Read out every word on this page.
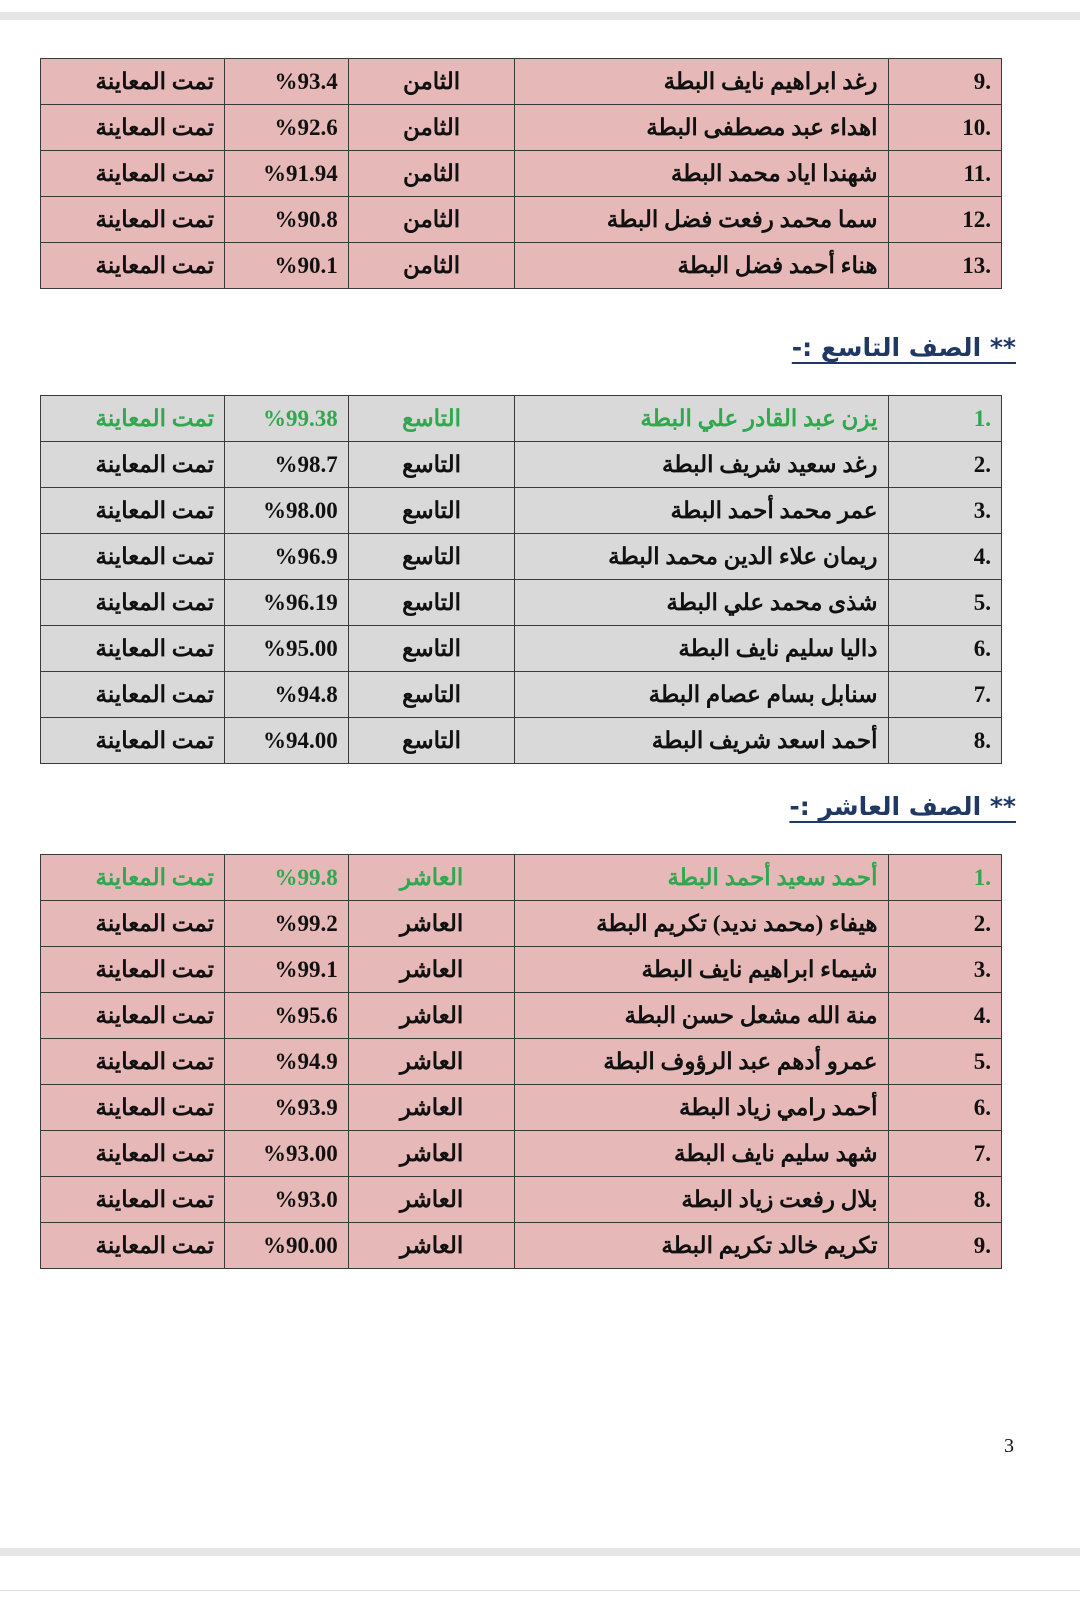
9.	رغد ابراهيم نايف البطة	الثامن	%93.4	تمت المعاينة
10.	اهداء عبد مصطفى البطة	الثامن	%92.6	تمت المعاينة
11.	شهندا اياد محمد البطة	الثامن	%91.94	تمت المعاينة
12.	سما محمد رفعت فضل البطة	الثامن	%90.8	تمت المعاينة
13.	هناء أحمد فضل البطة	الثامن	%90.1	تمت المعاينة
** الصف التاسع :-
1.	يزن عبد القادر علي البطة	التاسع	%99.38	تمت المعاينة
2.	رغد سعيد شريف البطة	التاسع	%98.7	تمت المعاينة
3.	عمر محمد أحمد البطة	التاسع	%98.00	تمت المعاينة
4.	ريمان علاء الدين محمد البطة	التاسع	%96.9	تمت المعاينة
5.	شذى محمد علي البطة	التاسع	%96.19	تمت المعاينة
6.	داليا سليم نايف البطة	التاسع	%95.00	تمت المعاينة
7.	سنابل بسام عصام البطة	التاسع	%94.8	تمت المعاينة
8.	أحمد اسعد شريف البطة	التاسع	%94.00	تمت المعاينة
** الصف العاشر :-
1.	أحمد سعيد أحمد البطة	العاشر	%99.8	تمت المعاينة
2.	هيفاء (محمد نديد) تكريم البطة	العاشر	%99.2	تمت المعاينة
3.	شيماء ابراهيم نايف البطة	العاشر	%99.1	تمت المعاينة
4.	منة الله مشعل حسن البطة	العاشر	%95.6	تمت المعاينة
5.	عمرو أدهم عبد الرؤوف البطة	العاشر	%94.9	تمت المعاينة
6.	أحمد رامي زياد البطة	العاشر	%93.9	تمت المعاينة
7.	شهد سليم نايف البطة	العاشر	%93.00	تمت المعاينة
8.	بلال رفعت زياد البطة	العاشر	%93.0	تمت المعاينة
9.	تكريم خالد تكريم البطة	العاشر	%90.00	تمت المعاينة
3
